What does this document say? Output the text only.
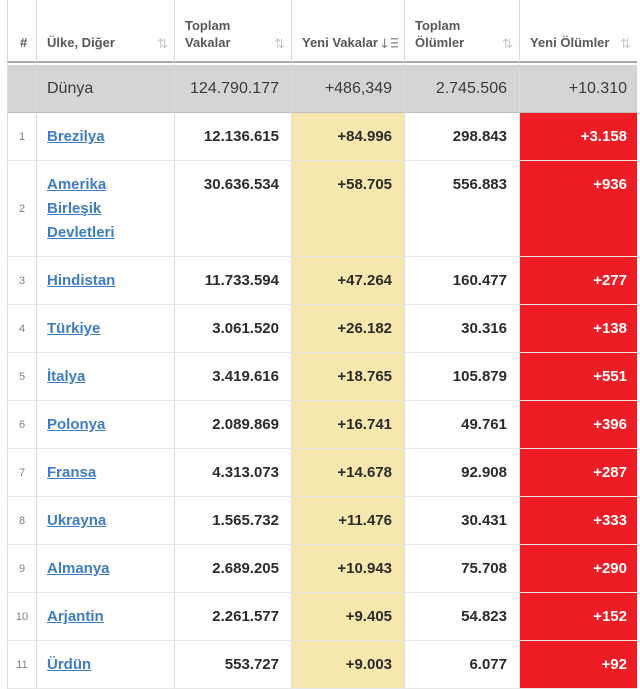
#	Ülke, Diğer ⇅	Toplam Vakalar ⇅	Yeni Vakalar ↓	Toplam Ölümler ⇅	Yeni Ölümler ⇅

	Dünya	124.790.177	+486,349	2.745.506	+10.310
1	Brezilya	12.136.615	+84.996	298.843	+3.158
2	Amerika Birleşik Devletleri	30.636.534	+58.705	556.883	+936
3	Hindistan	11.733.594	+47.264	160.477	+277
4	Türkiye	3.061.520	+26.182	30.316	+138
5	İtalya	3.419.616	+18.765	105.879	+551
6	Polonya	2.089.869	+16.741	49.761	+396
7	Fransa	4.313.073	+14.678	92.908	+287
8	Ukrayna	1.565.732	+11.476	30.431	+333
9	Almanya	2.689.205	+10.943	75.708	+290
10	Arjantin	2.261.577	+9.405	54.823	+152
11	Ürdün	553.727	+9.003	6.077	+92
